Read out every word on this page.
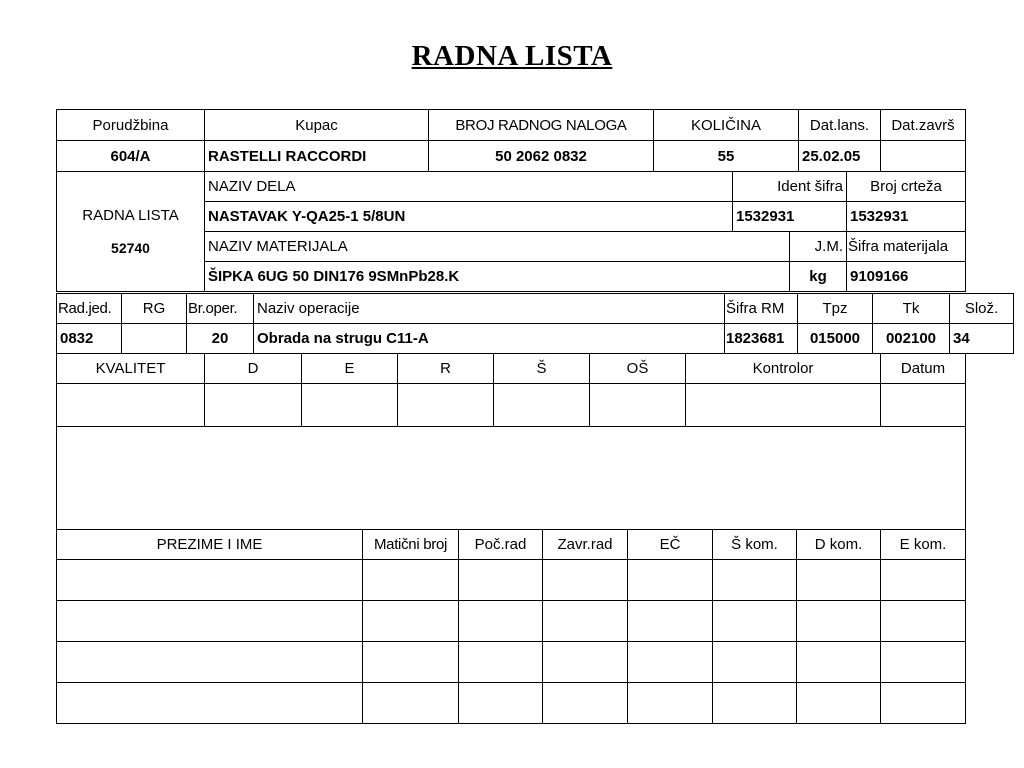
RADNA LISTA
Porudžbina	Kupac	BROJ RADNOG NALOGA	KOLIČINA	Dat.lans.	Dat.završ
604/A	RASTELLI RACCORDI	50 2062 0832	55	25.02.05	
RADNA LISTA
52740	NAZIV DELA	Ident šifra		Broj crteža
	NASTAVAK Y-QA25-1 5/8UN	1532931		1532931
	NAZIV MATERIJALA		J.M.	Šifra materijala
	ŠIPKA 6UG 50 DIN176 9SMnPb28.K		kg	9109166
Rad.jed.	RG	Br.oper.	Naziv operacije	Šifra RM	Tpz	Tk	Slož.
0832		20	Obrada na strugu C11-A	1823681	015000	002100	34
KVALITET	D	E	R	Š	OŠ	Kontrolor	Datum

PREZIME I IME	Matični broj	Poč.rad	Zavr.rad	EČ	Š kom.	D kom.	E kom.
